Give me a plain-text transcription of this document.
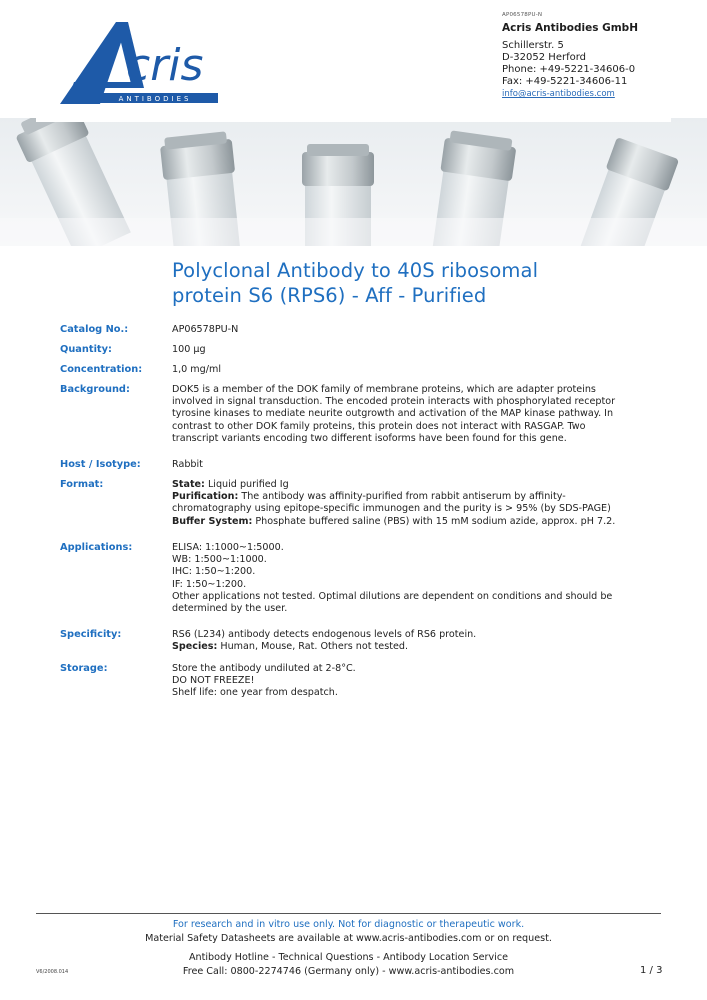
cris
ANTIBODIES
AP06578PU-N
Acris Antibodies GmbH
Schillerstr. 5
D-32052 Herford
Phone: +49-5221-34606-0
Fax: +49-5221-34606-11
info@acris-antibodies.com
Polyclonal Antibody to 40S ribosomal
protein S6 (RPS6) - Aff - Purified
Catalog No.:	AP06578PU-N
Quantity:	100 µg
Concentration:	1,0 mg/ml
Background:	DOK5 is a member of the DOK family of membrane proteins, which are adapter proteins
involved in signal transduction. The encoded protein interacts with phosphorylated receptor
tyrosine kinases to mediate neurite outgrowth and activation of the MAP kinase pathway. In
contrast to other DOK family proteins, this protein does not interact with RASGAP. Two
transcript variants encoding two different isoforms have been found for this gene.
Host / Isotype:	Rabbit
Format:	State: Liquid purified Ig
Purification: The antibody was affinity-purified from rabbit antiserum by affinity-
chromatography using epitope-specific immunogen and the purity is > 95% (by SDS-PAGE)
Buffer System: Phosphate buffered saline (PBS) with 15 mM sodium azide, approx. pH 7.2.
Applications:	ELISA: 1:1000~1:5000.
WB: 1:500~1:1000.
IHC: 1:50~1:200.
IF: 1:50~1:200.
Other applications not tested. Optimal dilutions are dependent on conditions and should be
determined by the user.
Specificity:	RS6 (L234) antibody detects endogenous levels of RS6 protein.
Species: Human, Mouse, Rat. Others not tested.
Storage:	Store the antibody undiluted at 2-8°C.
DO NOT FREEZE!
Shelf life: one year from despatch.
For research and in vitro use only. Not for diagnostic or therapeutic work.
Material Safety Datasheets are available at www.acris-antibodies.com or on request.
Antibody Hotline - Technical Questions - Antibody Location Service
Free Call: 0800-2274746 (Germany only) - www.acris-antibodies.com
V6/2008.014	1 / 3
